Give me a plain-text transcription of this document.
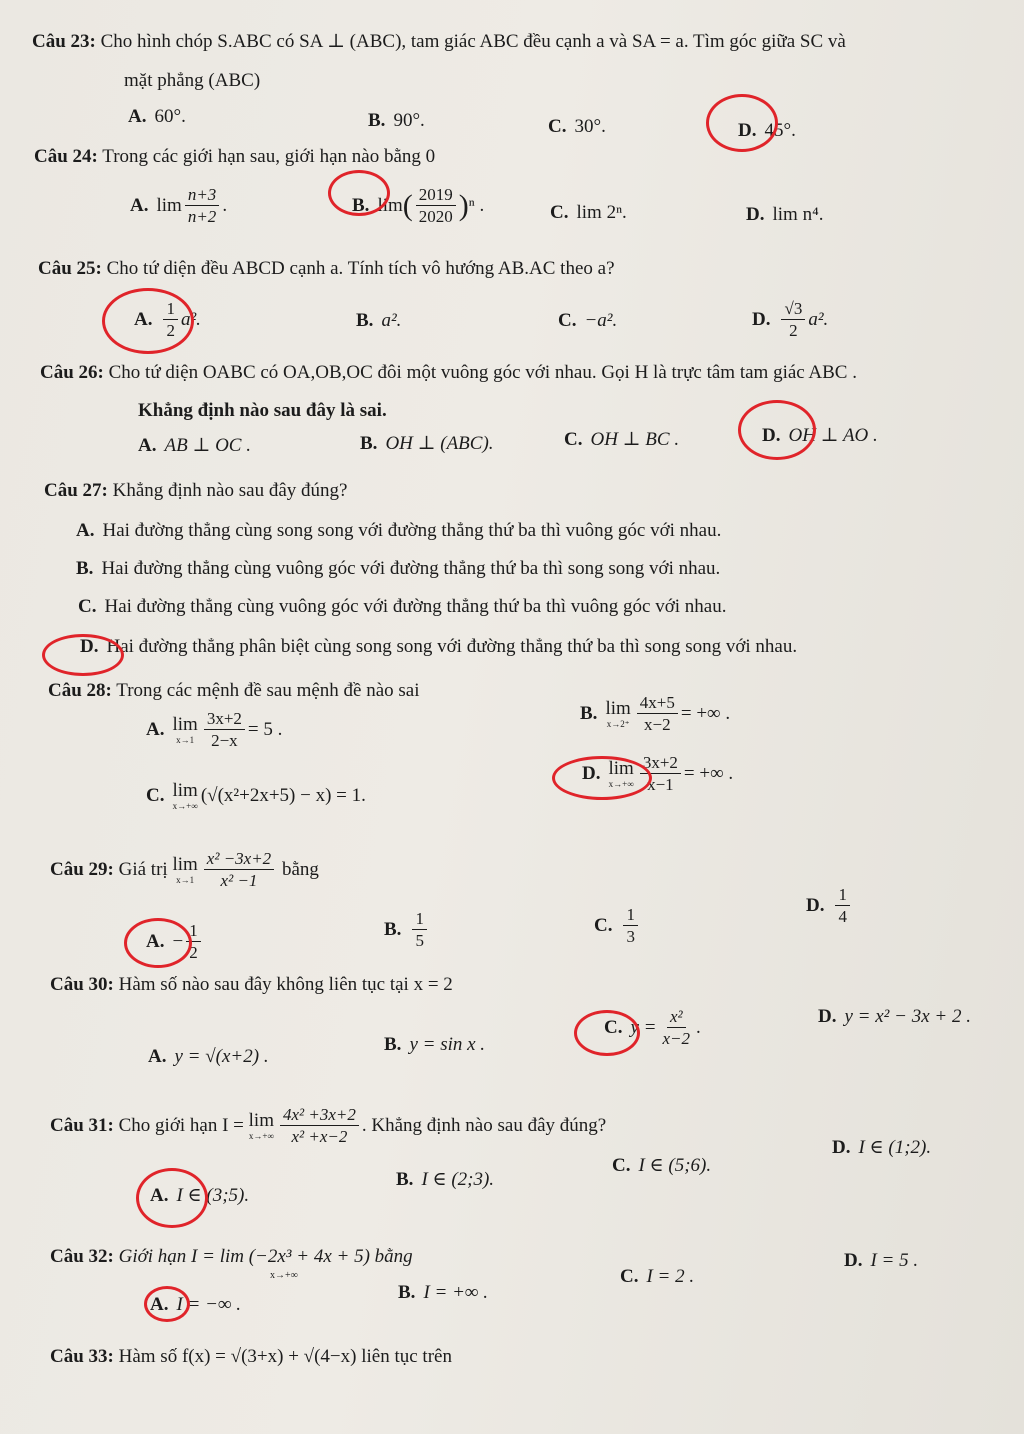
Câu 23: Cho hình chóp S.ABC có SA ⊥ (ABC), tam giác ABC đều cạnh a và SA = a. Tìm góc giữa SC và
mặt phẳng (ABC)
A. 60°.	B. 90°.	C. 30°.	D. 45°.
Câu 24: Trong các giới hạn sau, giới hạn nào bằng 0
A. $\lim \frac{n+3}{n+2}$ .	B. lim ( $\frac{2019}{2020}$ ) ⁿ .	C. lim 2ⁿ.	D. lim n⁴.
Câu 25: Cho tứ diện đều ABCD cạnh a. Tính tích vô hướng AB.AC theo a?
A. $\frac{1}{2} a^2$.	B. a².	C. −a².	D. $\frac{√3}{2} a^2$.
Câu 26: Cho tứ diện OABC có OA,OB,OC đôi một vuông góc với nhau. Gọi H là trực tâm tam giác ABC .
Khẳng định nào sau đây là sai.
A. AB ⊥ OC .	B. OH ⊥ (ABC).	C. OH ⊥ BC .	D. OH ⊥ AO .
Câu 27: Khẳng định nào sau đây đúng?
A. Hai đường thẳng cùng song song với đường thẳng thứ ba thì vuông góc với nhau.
B. Hai đường thẳng cùng vuông góc với đường thẳng thứ ba thì song song với nhau.
C. Hai đường thẳng cùng vuông góc với đường thẳng thứ ba thì vuông góc với nhau.
D. Hai đường thẳng phân biệt cùng song song với đường thẳng thứ ba thì song song với nhau.
Câu 28: Trong các mệnh đề sau mệnh đề nào sai
A. lim
$x\to 1 \frac{3x+2}{2-x} = 5$ .
B. lim
$x\to 2^+ \frac{4x+5}{x-2}$ = +∞ .
C. lim
x→+∞
(√(x²+2x+5) − x) = 1.
D. lim
$x\to+\infty \frac{3x+2}{x-1}$ = +∞ .
Câu 29:
Giá trị
lim
$x\to 1 \frac{\text{x² −3x+2}}{\text{x² −1}}$
bằng
A. − $\frac{1}{2}$	B. $\frac{1}{5}$	C. $\frac{1}{3}$	D. $\frac{1}{4}$
Câu 30: Hàm số nào sau đây không liên tục tại x = 2
A. y = √(x+2) .
B. y = sin x .
C. $y = \frac{\text{x²}}{x-2}$ .	D. y = x² − 3x + 2 .
Câu 31:
Cho giới hạn I =
lim
$x\to+\infty \frac{\text{4x² +3x+2}}{\text{x² +x−2}}$ . Khẳng định nào sau đây đúng?
A. I ∈ (3;5).
B. I ∈ (2;3).
C. I ∈ (5;6).
D. I ∈ (1;2).
Câu 32: Giới hạn I = lim (−2x³ + 4x + 5) bằng
x→+∞
A. I = −∞ .
B. I = +∞ .
C. I = 2 .
D. I = 5 .
Câu 33: Hàm số f(x) = √(3+x) + √(4−x) liên tục trên
